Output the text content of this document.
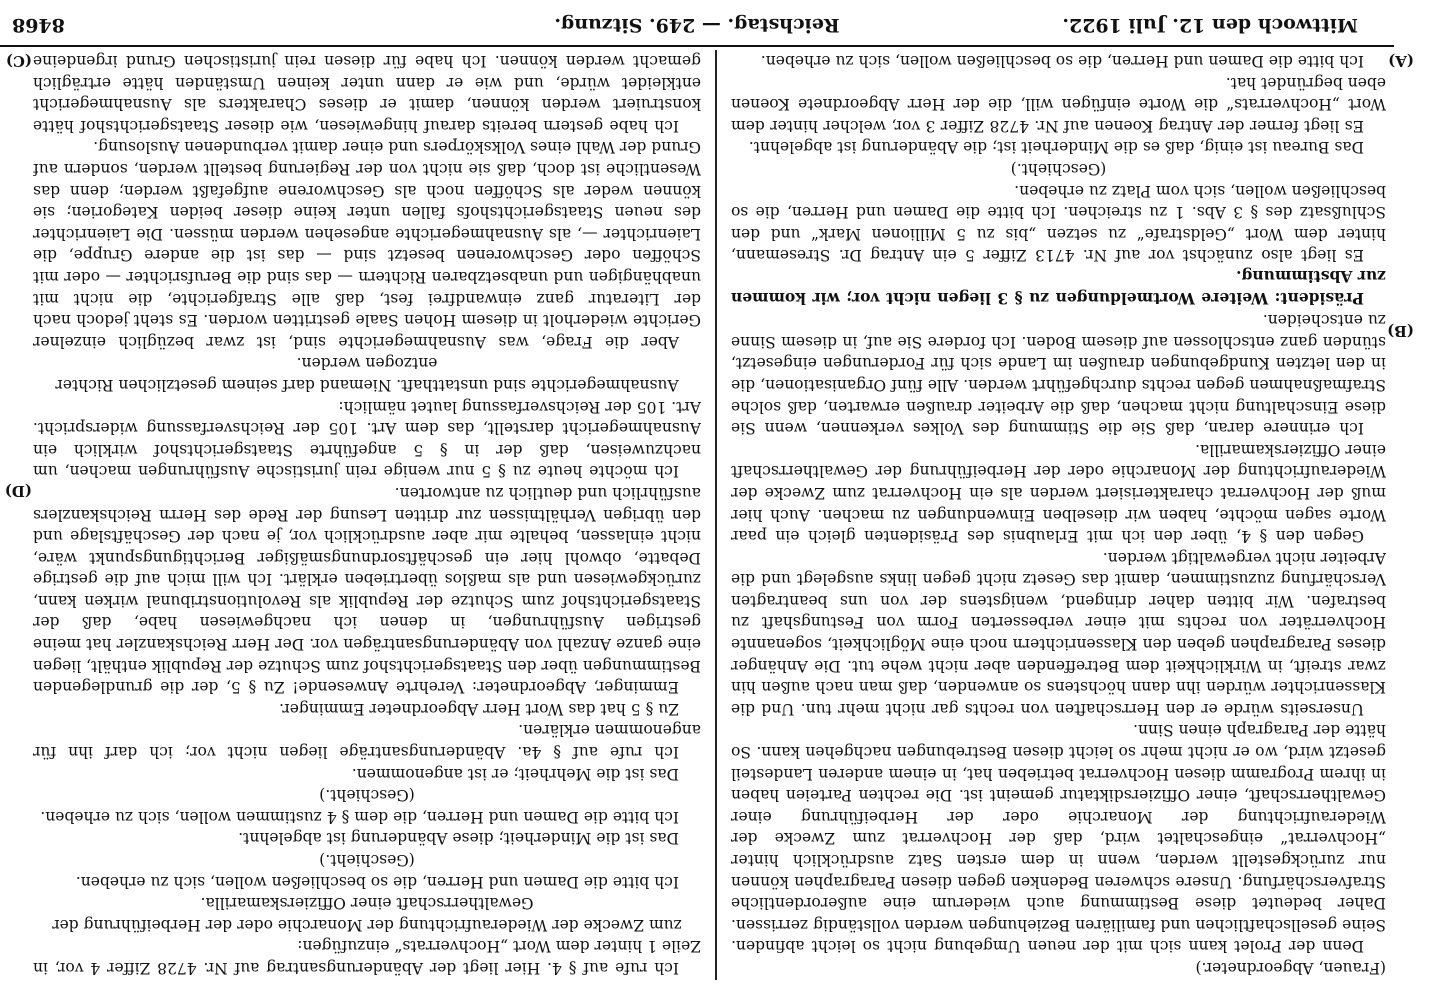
8468	Reichstag. — 249. Sitzung.	Mittwoch den 12. Juli 1922.
(A)
(B)
(C)
(D)

(Frauen, Abgeordneter.)

Denn der Prolet kann sich mit der neuen Umgebung nicht so leicht abfinden. Seine gesellschaftlichen und familiären Beziehungen werden vollständig zerrissen. Daher bedeutet diese Bestimmung auch wiederum eine außerordentliche Strafverschärfung. Unsere schweren Bedenken gegen diesen Paragraphen können nur zurückgestellt werden, wenn in dem ersten Satz ausdrücklich hinter „Hochverrat“ eingeschaltet wird, daß der Hochverrat zum Zwecke der Wiederaufrichtung der Monarchie oder der Herbeiführung einer Gewaltherrschaft, einer Offiziersdiktatur gemeint ist. Die rechten Parteien haben in ihrem Programm diesen Hochverrat betrieben hat, in einem anderen Landesteil gesetzt wird, wo er nicht mehr so leicht diesen Bestrebungen nachgehen kann. So hätte der Paragraph einen Sinn.

Unserseits würde er den Herrschaften von rechts gar nicht mehr tun. Und die Klassenrichter würden ihn dann höchstens so anwenden, daß man nach außen hin zwar streift, in Wirklichkeit dem Betreffenden aber nicht wehe tut. Die Anhänger dieses Paragraphen geben den Klassenrichtern noch eine Möglichkeit, sogenannte Hochverräter von rechts mit einer verbesserten Form von Festungshaft zu bestrafen. Wir bitten daher dringend, wenigstens der von uns beantragten Verschärfung zuzustimmen, damit das Gesetz nicht gegen links ausgelegt und die Arbeiter nicht vergewaltigt werden.

Gegen den § 4, über den ich mit Erlaubnis des Präsidenten gleich ein paar Worte sagen möchte, haben wir dieselben Einwendungen zu machen. Auch hier muß der Hochverrat charakterisiert werden als ein Hochverrat zum Zwecke der Wiederaufrichtung der Monarchie oder der Herbeiführung der Gewaltherrschaft einer Offizierskamarilla.

Ich erinnere daran, daß Sie die Stimmung des Volkes verkennen, wenn Sie diese Einschaltung nicht machen, daß die Arbeiter draußen erwarten, daß solche Strafmaßnahmen gegen rechts durchgeführt werden. Alle fünf Organisationen, die in den letzten Kundgebungen draußen im Lande sich für Forderungen eingesetzt, stünden ganz entschlossen auf diesem Boden. Ich fordere Sie auf, in diesem Sinne zu entscheiden.

Präsident: Weitere Wortmeldungen zu § 3 liegen nicht vor; wir kommen zur Abstimmung.

Es liegt also zunächst vor auf Nr. 4713 Ziffer 5 ein Antrag Dr. Stresemann, hinter dem Wort „Geldstrafe“ zu setzen „bis zu 5 Millionen Mark“ und den Schlußsatz des § 3 Abs. 1 zu streichen. Ich bitte die Damen und Herren, die so beschließen wollen, sich vom Platz zu erheben.

(Geschieht.)

Das Bureau ist einig, daß es die Minderheit ist; die Abänderung ist abgelehnt.

Es liegt ferner der Antrag Koenen auf Nr. 4728 Ziffer 3 vor, welcher hinter dem Wort „Hochverrats“ die Worte einfügen will, die der Herr Abgeordnete Koenen eben begründet hat.

Ich bitte die Damen und Herren, die so beschließen wollen, sich zu erheben.

Ich rufe auf § 4. Hier liegt der Abänderungsantrag auf Nr. 4728 Ziffer 4 vor, in Zeile 1 hinter dem Wort „Hochverrats“ einzufügen:

zum Zwecke der Wiederaufrichtung der Monarchie oder der Herbeiführung der Gewaltherrschaft einer Offizierskamarilla.

Ich bitte die Damen und Herren, die so beschließen wollen, sich zu erheben.

(Geschieht.)

Das ist die Minderheit; diese Abänderung ist abgelehnt.

Ich bitte die Damen und Herren, die dem § 4 zustimmen wollen, sich zu erheben.

(Geschieht.)

Das ist die Mehrheit; er ist angenommen.

Ich rufe auf § 4a. Abänderungsanträge liegen nicht vor; ich darf ihn für angenommen erklären.

Zu § 5 hat das Wort Herr Abgeordneter Emminger.

Emminger, Abgeordneter: Verehrte Anwesende! Zu § 5, der die grundlegenden Bestimmungen über den Staatsgerichtshof zum Schutze der Republik enthält, liegen eine ganze Anzahl von Abänderungsanträgen vor. Der Herr Reichskanzler hat meine gestrigen Ausführungen, in denen ich nachgewiesen habe, daß der Staatsgerichtshof zum Schutze der Republik als Revolutionstribunal wirken kann, zurückgewiesen und als maßlos übertrieben erklärt. Ich will mich auf die gestrige Debatte, obwohl hier ein geschäftsordnungsmäßiger Berichtigungspunkt wäre, nicht einlassen, behalte mir aber ausdrücklich vor, je nach der Geschäftslage und den übrigen Verhältnissen zur dritten Lesung der Rede des Herrn Reichskanzlers ausführlich und deutlich zu antworten.

Ich möchte heute zu § 5 nur wenige rein juristische Ausführungen machen, um nachzuweisen, daß der in § 5 angeführte Staatsgerichtshof wirklich ein Ausnahmegericht darstellt, das dem Art. 105 der Reichsverfassung widerspricht. Art. 105 der Reichsverfassung lautet nämlich:

Ausnahmegerichte sind unstatthaft. Niemand darf seinem gesetzlichen Richter entzogen werden.

Aber die Frage, was Ausnahmegerichte sind, ist zwar bezüglich einzelner Gerichte wiederholt in diesem Hohen Saale gestritten worden. Es steht jedoch nach der Literatur ganz einwandfrei fest, daß alle Strafgerichte, die nicht mit unabhängigen und unabsetzbaren Richtern — das sind die Berufsrichter — oder mit Schöffen oder Geschworenen besetzt sind — das ist die andere Gruppe, die Laienrichter —, als Ausnahmegerichte angesehen werden müssen. Die Laienrichter des neuen Staatsgerichtshofs fallen unter keine dieser beiden Kategorien; sie können weder als Schöffen noch als Geschworene aufgefaßt werden; denn das Wesentliche ist doch, daß sie nicht von der Regierung bestellt werden, sondern auf Grund der Wahl eines Volkskörpers und einer damit verbundenen Auslosung.

Ich habe gestern bereits darauf hingewiesen, wie dieser Staatsgerichtshof hätte konstruiert werden können, damit er dieses Charakters als Ausnahmegericht entkleidet würde, und wie er dann unter keinen Umständen hätte erträglich gemacht werden können. Ich habe für diesen rein juristischen Grund irgendeine
